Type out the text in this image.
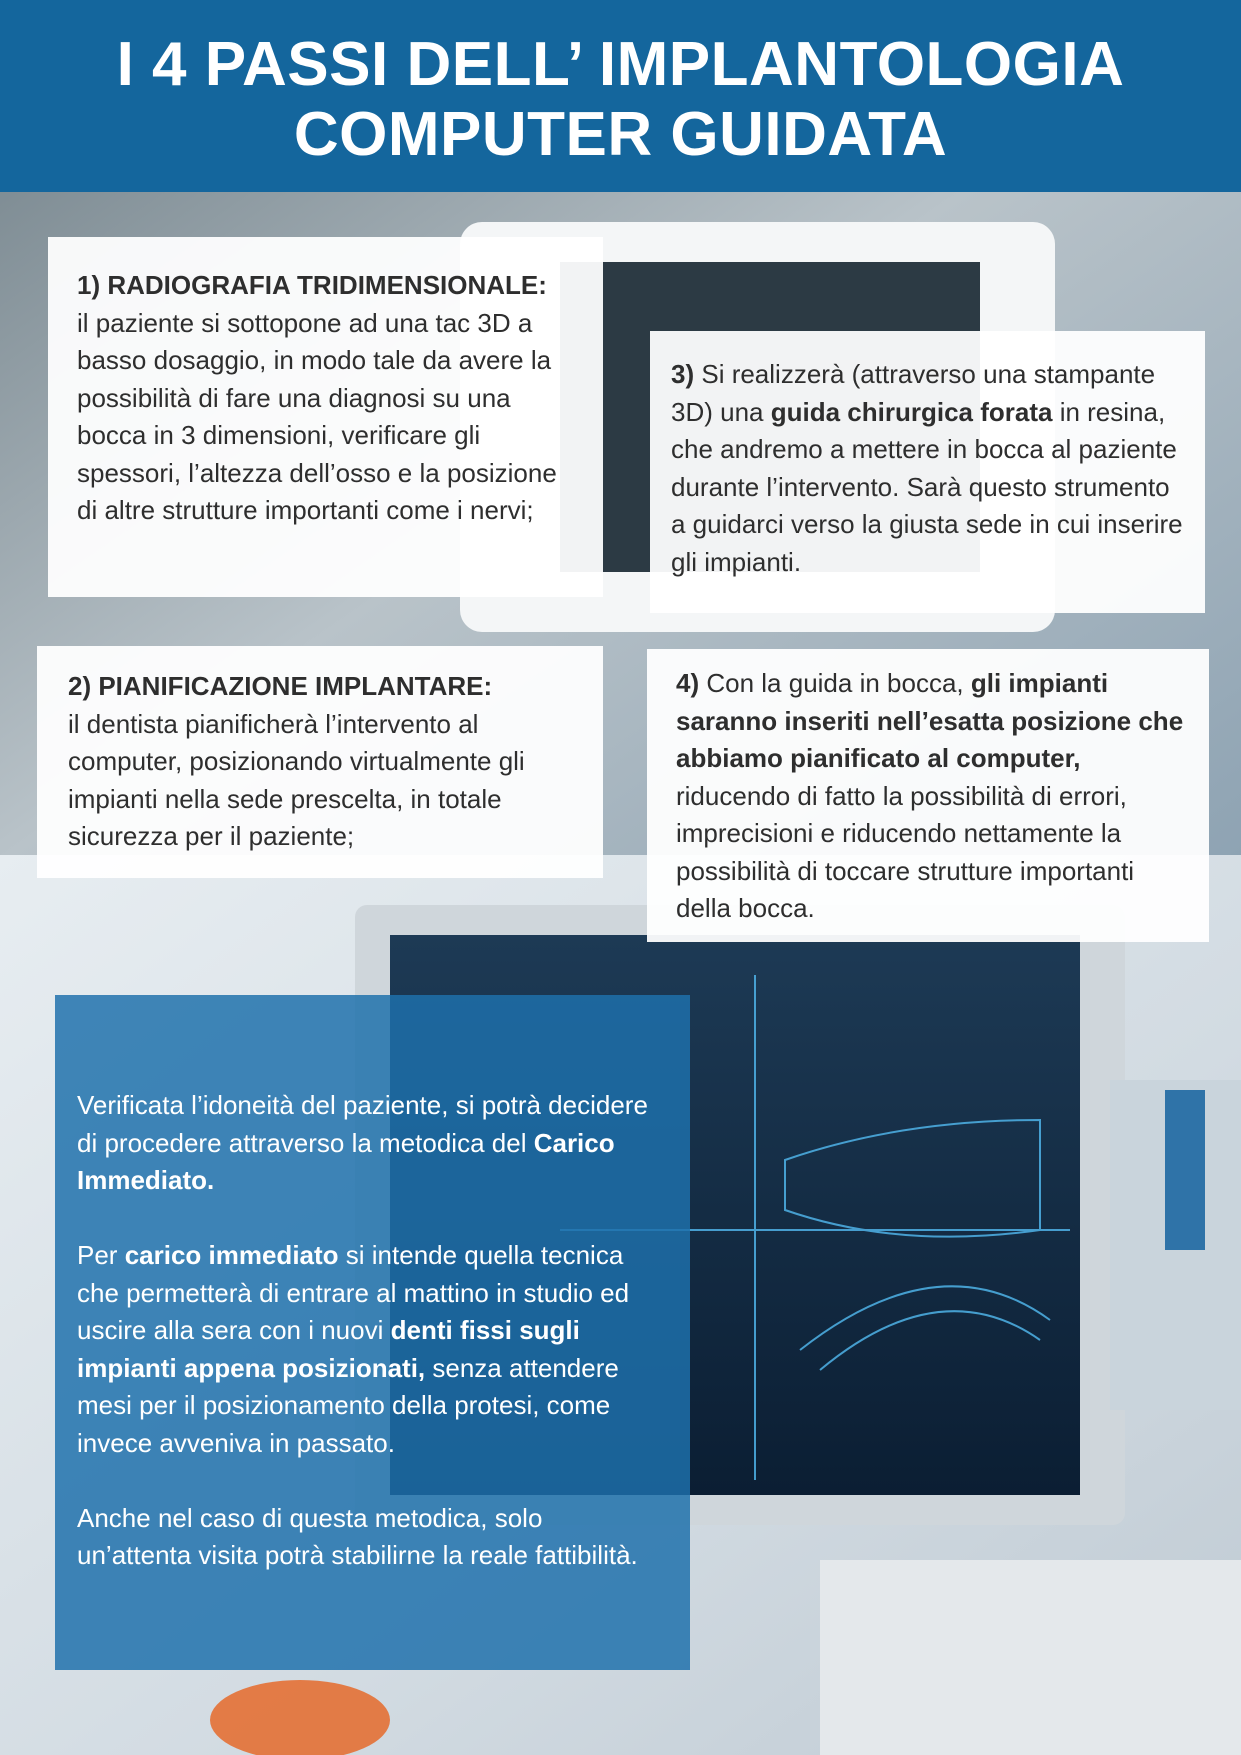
I 4 PASSI DELL’ IMPLANTOLOGIA
COMPUTER GUIDATA

1) RADIOGRAFIA TRIDIMENSIONALE:

il paziente si sottopone ad una tac 3D a basso dosaggio, in modo tale da avere la possibilità di fare una diagnosi su una bocca in 3 dimensioni, verificare gli spessori, l’altezza dell’osso e la posizione di altre strutture importanti come i nervi;

3) Si realizzerà (attraverso una stampante 3D) una guida chirurgica forata in resina, che andremo a mettere in bocca al paziente durante l’intervento. Sarà questo strumento a guidarci verso la giusta sede in cui inserire gli impianti.

2) PIANIFICAZIONE IMPLANTARE:

il dentista pianificherà l’intervento al computer, posizionando virtualmente gli impianti nella sede prescelta, in totale sicurezza per il paziente;

4) Con la guida in bocca, gli impianti saranno inseriti nell’esatta posizione che abbiamo pianificato al computer, riducendo di fatto la possibilità di errori, imprecisioni e riducendo nettamente la possibilità di toccare strutture importanti della bocca.

Verificata l’idoneità del paziente, si potrà decidere di procedere attraverso la metodica del Carico Immediato.

Per carico immediato si intende quella tecnica che permetterà di entrare al mattino in studio ed uscire alla sera con i nuovi denti fissi sugli impianti appena posizionati, senza attendere mesi per il posizionamento della protesi, come invece avveniva in passato.

Anche nel caso di questa metodica, solo un’attenta visita potrà stabilirne la reale fattibilità.
